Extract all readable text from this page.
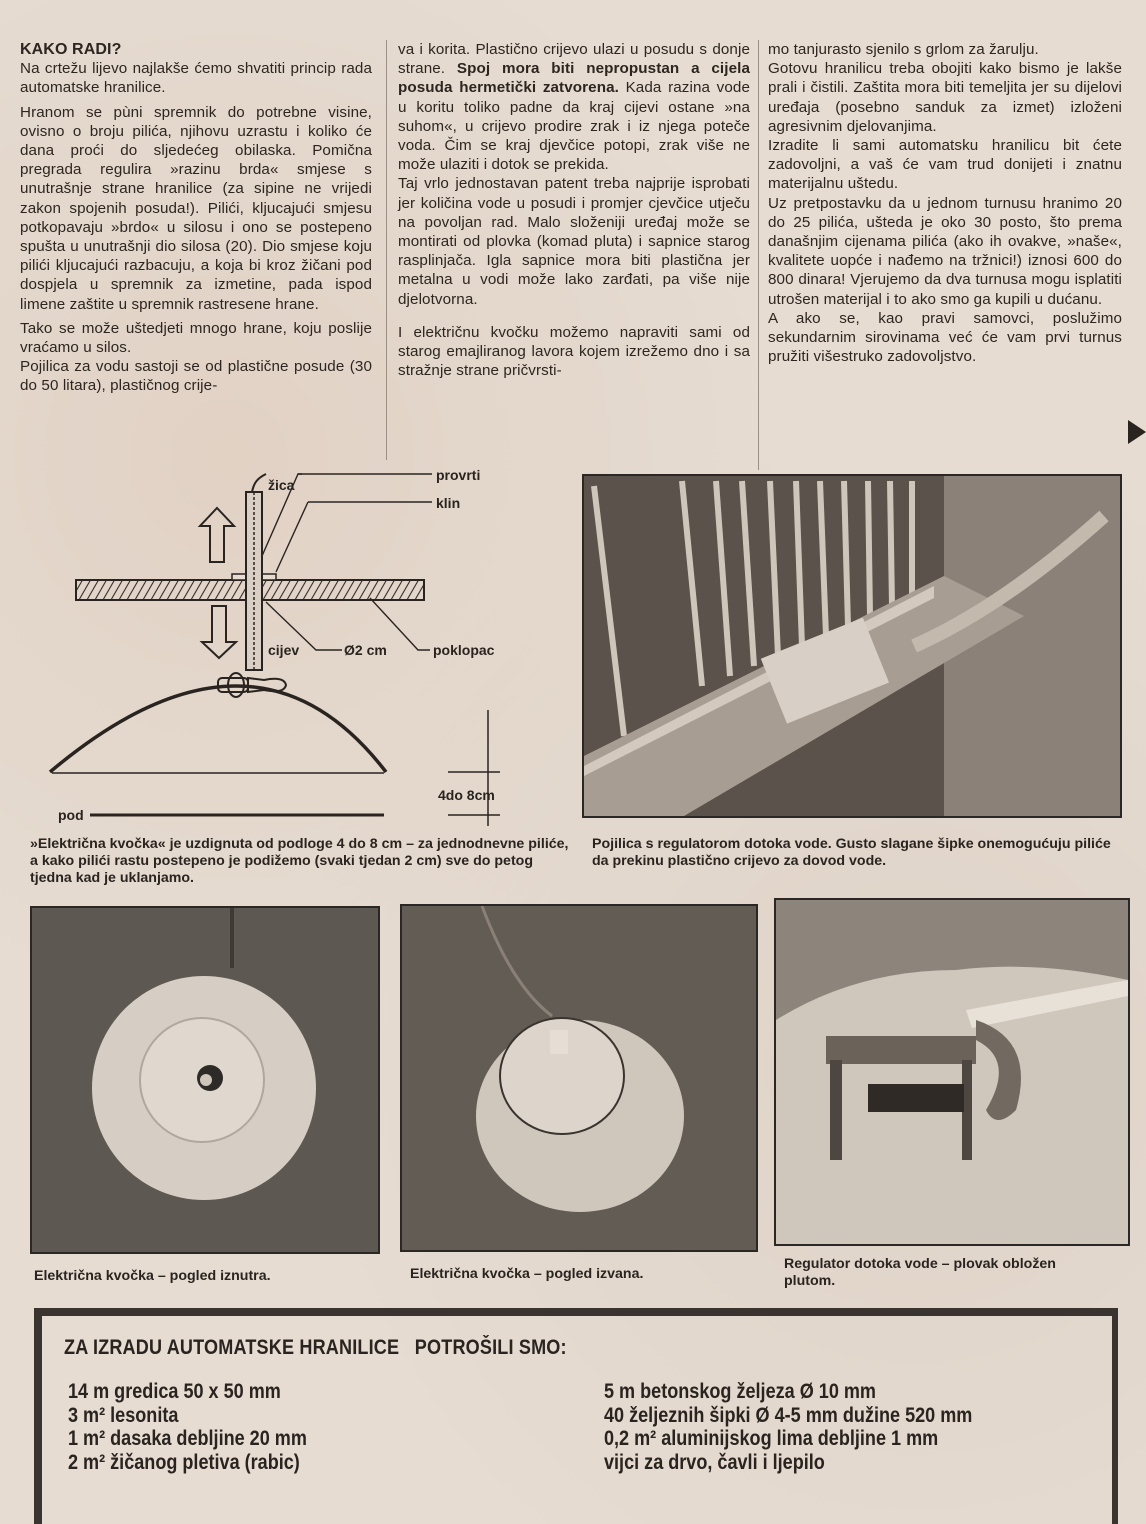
KAKO RADI?

Na crtežu lijevo najlakše ćemo shvatiti princip rada automatske hranilice.

Hranom se pùni spremnik do potrebne visine, ovisno o broju pilića, njihovu uzrastu i koliko će dana proći do sljedećeg obilaska. Pomična pregrada regulira »razinu brda« smjese s unutrašnje strane hranilice (za sipine ne vrijedi zakon spojenih posuda!). Pilići, kljucajući smjesu potkopavaju »brdo« u silosu i ono se postepeno spušta u unutrašnji dio silosa (20). Dio smjese koju pilići kljucajući razbacuju, a koja bi kroz žičani pod dospjela u spremnik za izmetine, pada ispod limene zaštite u spremnik rastresene hrane.

Tako se može uštedjeti mnogo hrane, koju poslije vraćamo u silos.

Pojilica za vodu sastoji se od plastične posude (30 do 50 litara), plastičnog crije-

va i korita. Plastično crijevo ulazi u posudu s donje strane. Spoj mora biti nepropustan a cijela posuda hermetički zatvorena. Kada razina vode u koritu toliko padne da kraj cijevi ostane »na suhom«, u crijevo prodire zrak i iz njega poteče voda. Čim se kraj djevčice potopi, zrak više ne može ulaziti i dotok se prekida.

Taj vrlo jednostavan patent treba najprije isprobati jer količina vode u posudi i promjer cjevčice utječu na povoljan rad. Malo složeniji uređaj može se montirati od plovka (komad pluta) i sapnice starog rasplinjača. Igla sapnice mora biti plastična jer metalna u vodi može lako zarđati, pa više nije djelotvorna.

I električnu kvočku možemo napraviti sami od starog emajliranog lavora kojem izrežemo dno i sa stražnje strane pričvrsti-

mo tanjurasto sjenilo s grlom za žarulju.

Gotovu hranilicu treba obojiti kako bismo je lakše prali i čistili. Zaštita mora biti temeljita jer su dijelovi uređaja (posebno sanduk za izmet) izloženi agresivnim djelovanjima.

Izradite li sami automatsku hranilicu bit ćete zadovoljni, a vaš će vam trud donijeti i znatnu materijalnu uštedu.

Uz pretpostavku da u jednom turnusu hranimo 20 do 25 pilića, ušteda je oko 30 posto, što prema današnjim cijenama pilića (ako ih ovakve, »naše«, kvalitete uopće i nađemo na tržnici!) iznosi 600 do 800 dinara! Vjerujemo da dva turnusa mogu isplatiti utrošen materijal i to ako smo ga kupili u dućanu.

A ako se, kao pravi samovci, poslužimo sekundarnim sirovinama već će vam prvi turnus pružiti višestruko zadovoljstvo.

žica
provrti
klin
cijev	Ø2 cm	poklopac
4do 8cm
pod
»Električna kvočka« je uzdignuta od podloge 4 do 8 cm – za jednodnevne piliće, a kako pilići rastu postepeno je podižemo (svaki tjedan 2 cm) sve do petog tjedna kad je uklanjamo.
Pojilica s regulatorom dotoka vode. Gusto slagane šipke onemogućuju piliće da prekinu plastično crijevo za dovod vode.
Električna kvočka – pogled iznutra.	Električna kvočka – pogled izvana.
Regulator dotoka vode – plovak obložen plutom.
ZA IZRADU AUTOMATSKE HRANILICE   POTROŠILI SMO:
14 m gredica 50 x 50 mm
3 m² lesonita
1 m² dasaka debljine 20 mm
2 m² žičanog pletiva (rabic)
5 m betonskog željeza Ø 10 mm
40 željeznih šipki Ø 4-5 mm dužine 520 mm
0,2 m² aluminijskog lima debljine 1 mm
vijci za drvo, čavli i ljepilo
